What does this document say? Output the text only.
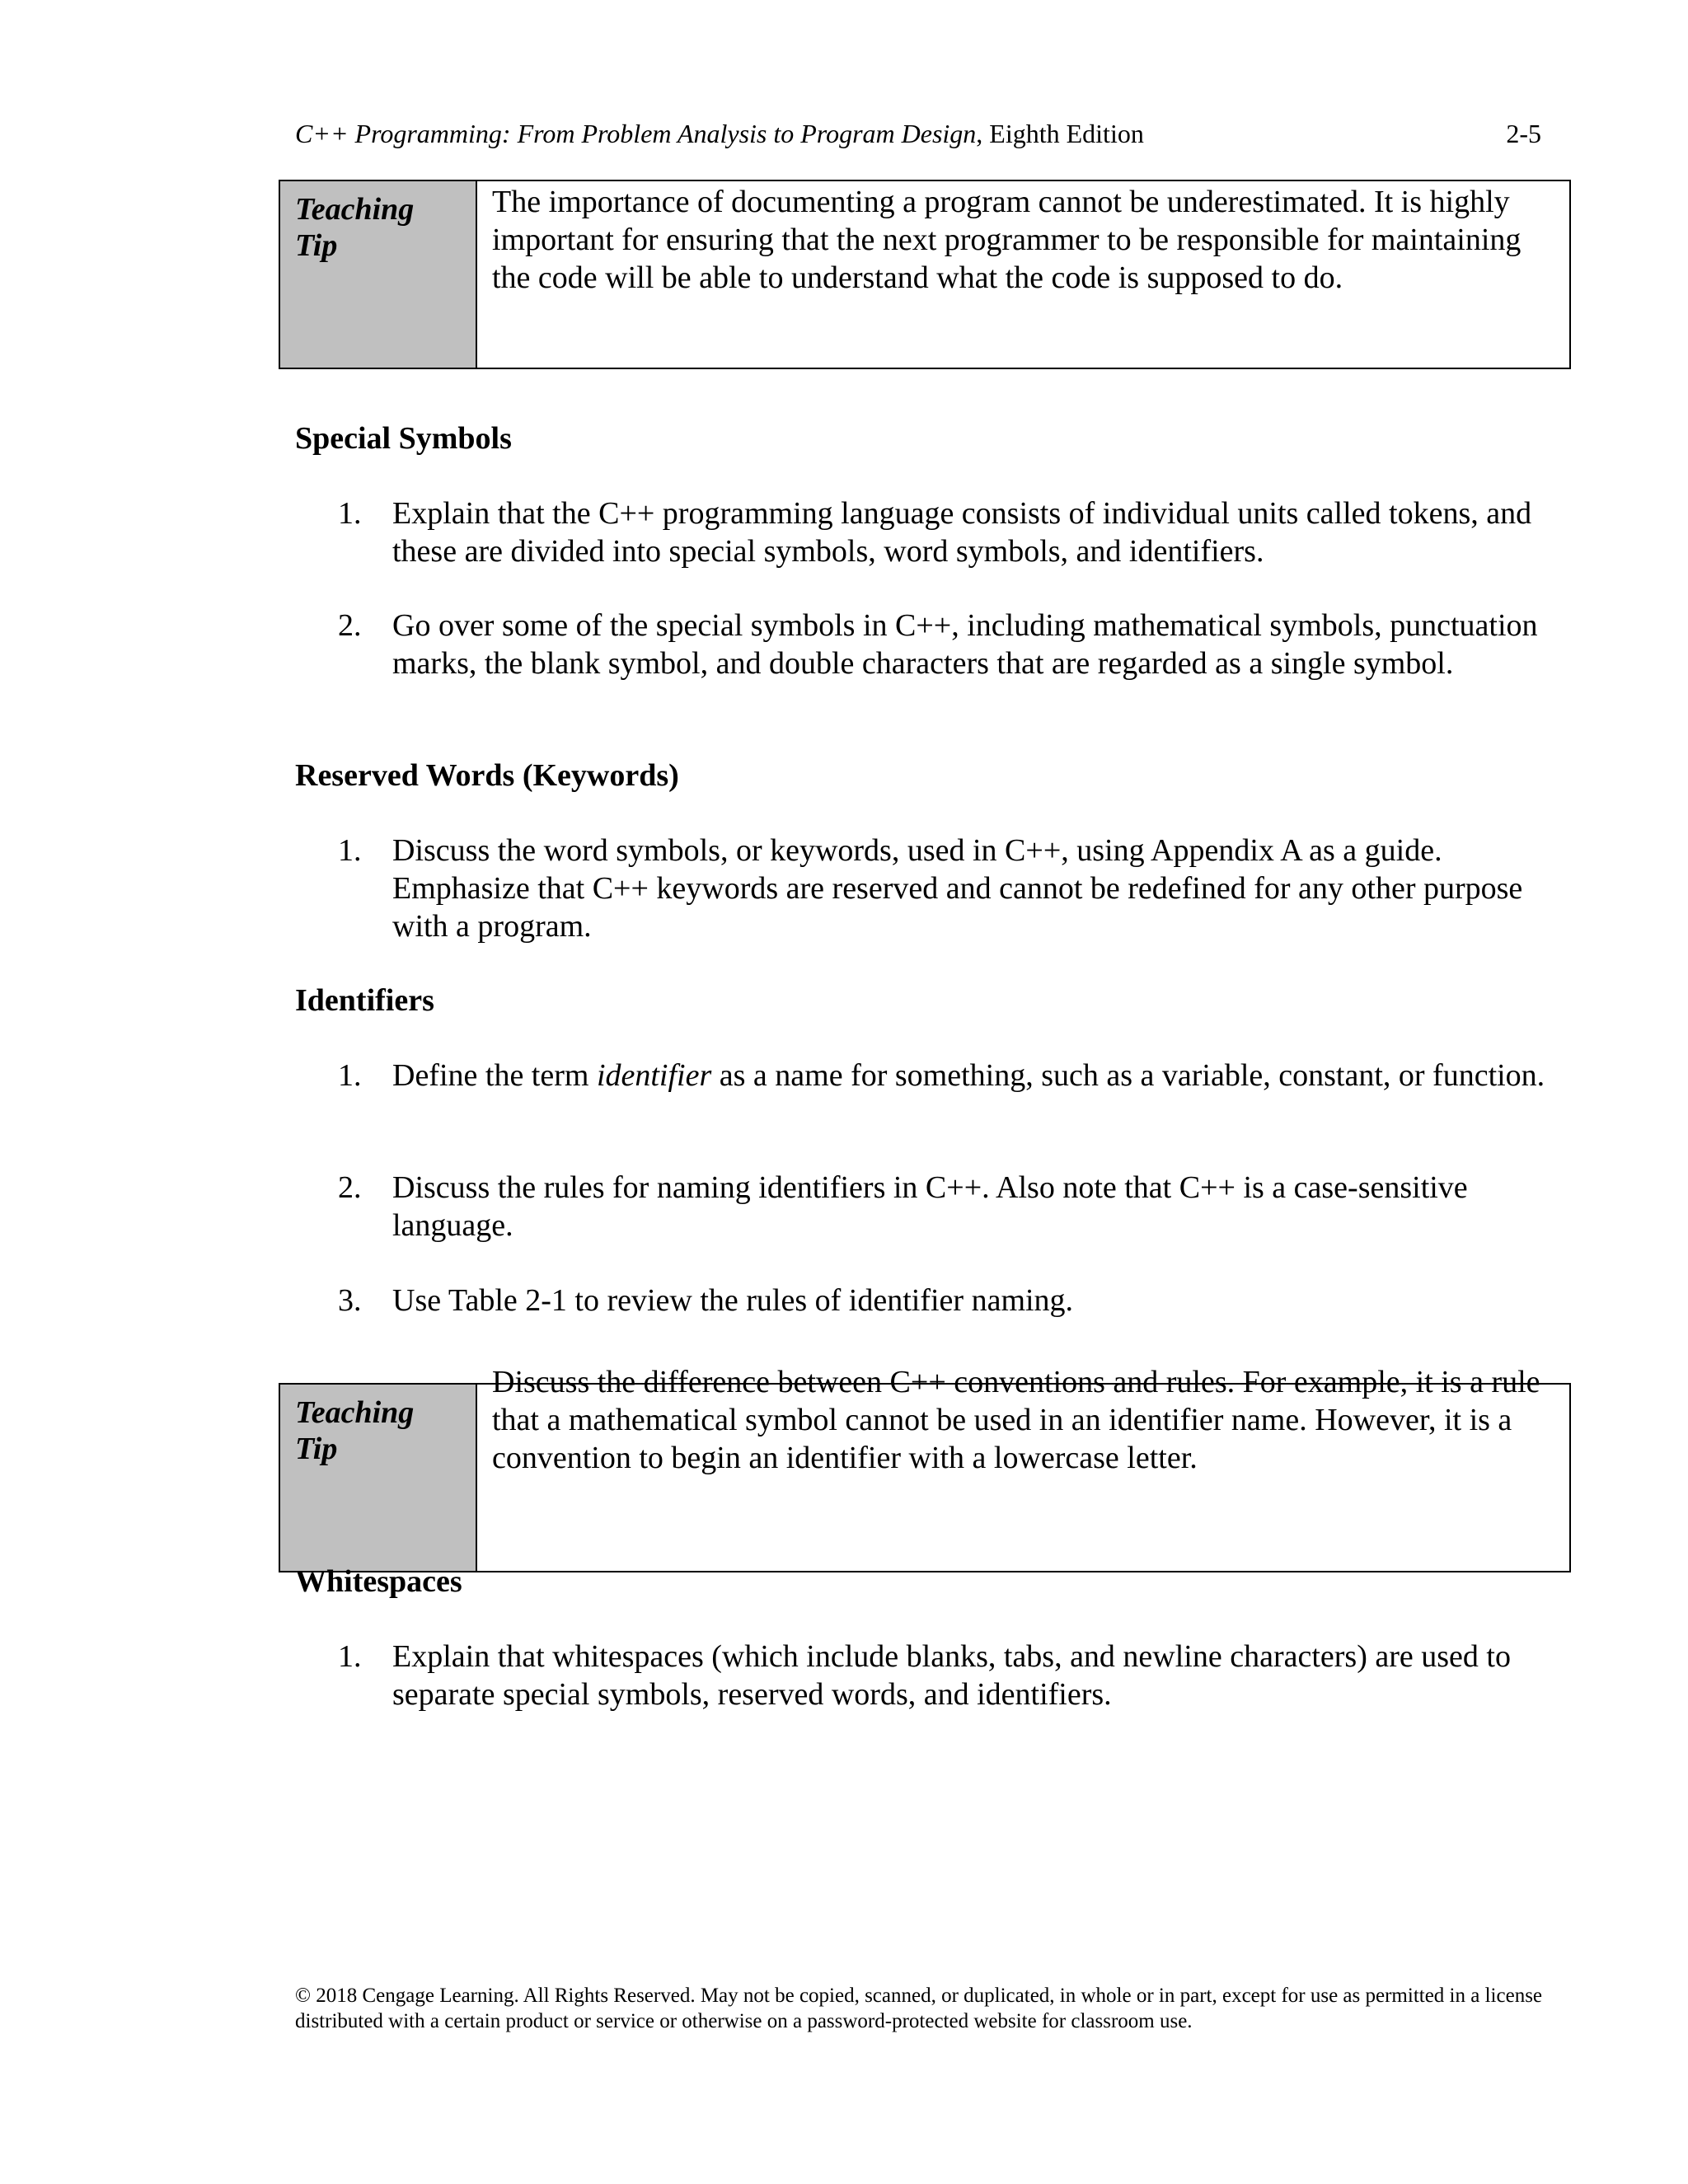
C++ Programming: From Problem Analysis to Program Design, Eighth Edition	2-5
Teaching Tip
The importance of documenting a program cannot be underestimated. It is highly important for ensuring that the next programmer to be responsible for maintaining the code will be able to understand what the code is supposed to do.
Special Symbols
1. Explain that the C++ programming language consists of individual units called tokens, and these are divided into special symbols, word symbols, and identifiers.
2. Go over some of the special symbols in C++, including mathematical symbols, punctuation marks, the blank symbol, and double characters that are regarded as a single symbol.
Reserved Words (Keywords)
1. Discuss the word symbols, or keywords, used in C++, using Appendix A as a guide. Emphasize that C++ keywords are reserved and cannot be redefined for any other purpose with a program.
Identifiers
1. Define the term identifier as a name for something, such as a variable, constant, or function.
2. Discuss the rules for naming identifiers in C++. Also note that C++ is a case-sensitive language.
3. Use Table 2-1 to review the rules of identifier naming.
Teaching Tip
Discuss the difference between C++ conventions and rules. For example, it is a rule that a mathematical symbol cannot be used in an identifier name. However, it is a convention to begin an identifier with a lowercase letter.
Whitespaces
1. Explain that whitespaces (which include blanks, tabs, and newline characters) are used to separate special symbols, reserved words, and identifiers.
© 2018 Cengage Learning. All Rights Reserved. May not be copied, scanned, or duplicated, in whole or in part, except for use as permitted in a license distributed with a certain product or service or otherwise on a password-protected website for classroom use.
